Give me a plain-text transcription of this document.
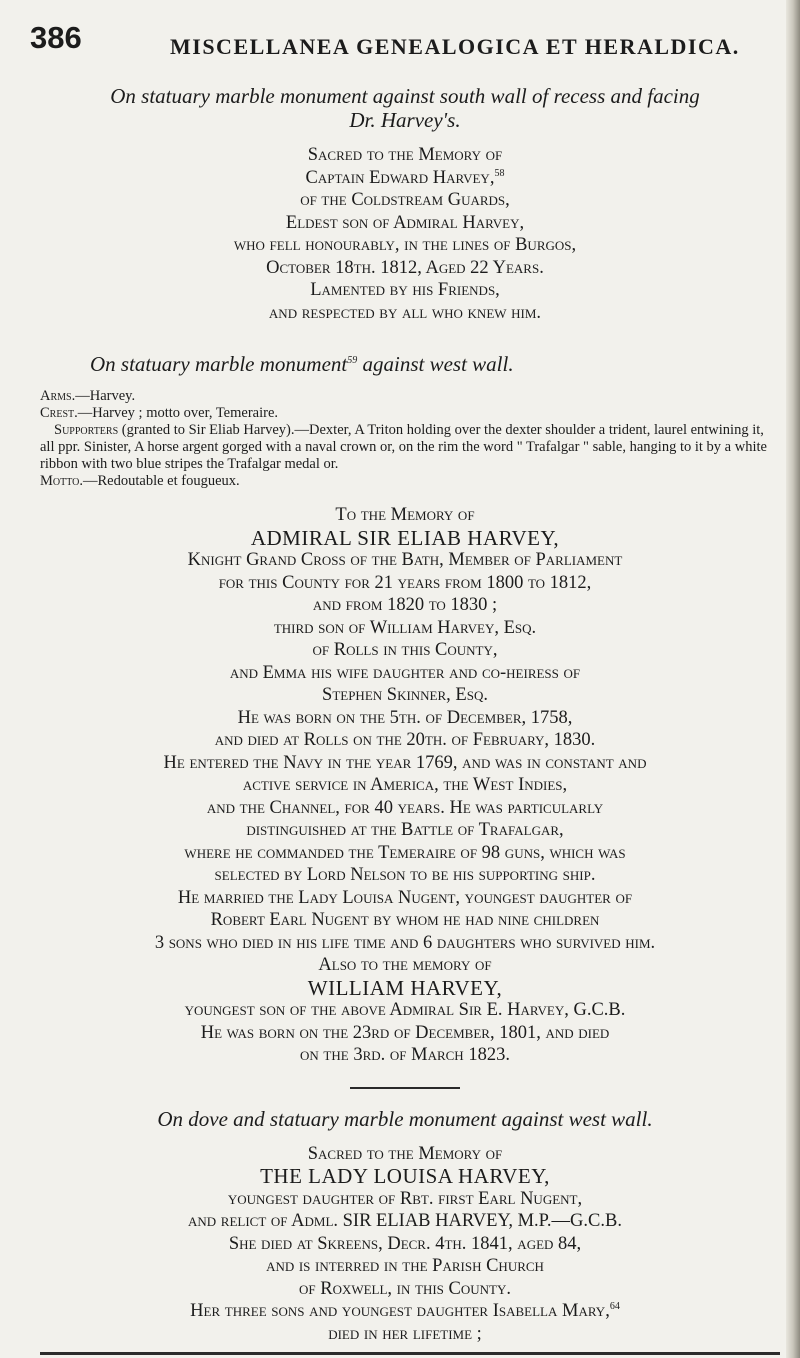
386	MISCELLANEA GENEALOGICA ET HERALDICA.
On statuary marble monument against south wall of recess and facing
Dr. Harvey's.
Sacred to the Memory of
Captain Edward Harvey,$^{58}$
of the Coldstream Guards,
Eldest son of Admiral Harvey,
who fell honourably, in the lines of Burgos,
October 18th. 1812, Aged 22 Years.
Lamented by his Friends,
and respected by all who knew him.
On statuary marble monument$^{59}$ against west wall.

Arms.—Harvey.

Crest.—Harvey ; motto over, Temeraire.

Supporters (granted to Sir Eliab Harvey).—Dexter, A Triton holding over the dexter shoulder a trident, laurel entwining it, all ppr. Sinister, A horse argent gorged with a naval crown or, on the rim the word " Trafalgar " sable, hanging to it by a white ribbon with two blue stripes the Trafalgar medal or.

Motto.—Redoutable et fougueux.

To the Memory of
ADMIRAL SIR ELIAB HARVEY,
Knight Grand Cross of the Bath, Member of Parliament
for this County for 21 years from 1800 to 1812,
and from 1820 to 1830 ;
third son of William Harvey, Esq.
of Rolls in this County,
and Emma his wife daughter and co-heiress of
Stephen Skinner, Esq.
He was born on the 5th. of December, 1758,
and died at Rolls on the 20th. of February, 1830.
He entered the Navy in the year 1769, and was in constant and
active service in America, the West Indies,
and the Channel, for 40 years. He was particularly
distinguished at the Battle of Trafalgar,
where he commanded the Temeraire of 98 guns, which was
selected by Lord Nelson to be his supporting ship.
He married the Lady Louisa Nugent, youngest daughter of
Robert Earl Nugent by whom he had nine children
3 sons who died in his life time and 6 daughters who survived him.
Also to the memory of
WILLIAM HARVEY,
youngest son of the above Admiral Sir E. Harvey, G.C.B.
He was born on the 23rd of December, 1801, and died
on the 3rd. of March 1823.
On dove and statuary marble monument against west wall.
Sacred to the Memory of
THE LADY LOUISA HARVEY,
youngest daughter of Rbt. first Earl Nugent,
and relict of Adml. SIR ELIAB HARVEY, M.P.—G.C.B.
She died at Skreens, Decr. 4th. 1841, aged 84,
and is interred in the Parish Church
of Roxwell, in this County.
Her three sons and youngest daughter Isabella Mary,$^{64}$
died in her lifetime ;
